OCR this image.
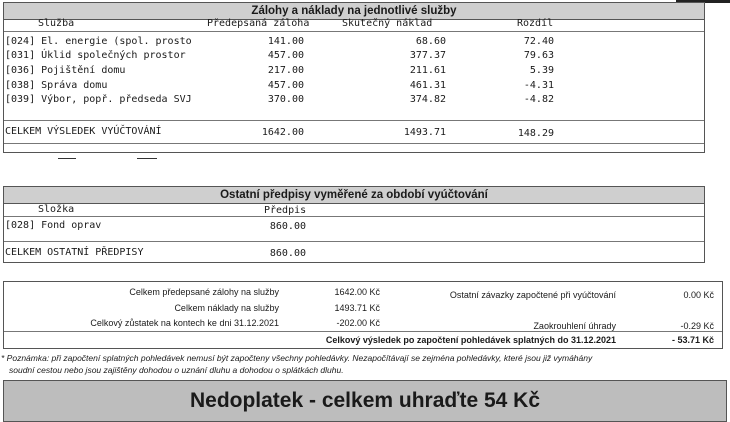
Zálohy a náklady na jednotlivé služby
Služba	Předepsaná záloha	Skutečný náklad	Rozdíl
[024] El. energie (spol. prosto	141.00	68.60	72.40
[031] Úklid společných prostor	457.00	377.37	79.63
[036] Pojištění domu	217.00	211.61	5.39
[038] Správa domu	457.00	461.31	-4.31
[039] Výbor, popř. předseda SVJ	370.00	374.82	-4.82
CELKEM VÝSLEDEK VYÚČTOVÁNÍ	1642.00	1493.71	148.29
Ostatní předpisy vyměřené za období vyúčtování
Složka	Předpis
[028] Fond oprav	860.00
CELKEM OSTATNÍ PŘEDPISY	860.00
Celkem předepsané zálohy na služby	1642.00 Kč
Celkem náklady na služby	1493.71 Kč
Celkový zůstatek na kontech ke dni 31.12.2021	-202.00 Kč
Ostatní závazky započtené při vyúčtování	0.00 Kč
Zaokrouhlení úhrady	-0.29 Kč
Celkový výsledek po započtení pohledávek splatných do 31.12.2021	- 53.71 Kč
* Poznámka: při započtení splatných pohledávek nemusí být započteny všechny pohledávky. Nezapočítávají se zejména pohledávky, které jsou již vymáhány
soudní cestou nebo jsou zajištěny dohodou o uznání dluhu a dohodou o splátkách dluhu.
Nedoplatek - celkem uhraďte 54 Kč
